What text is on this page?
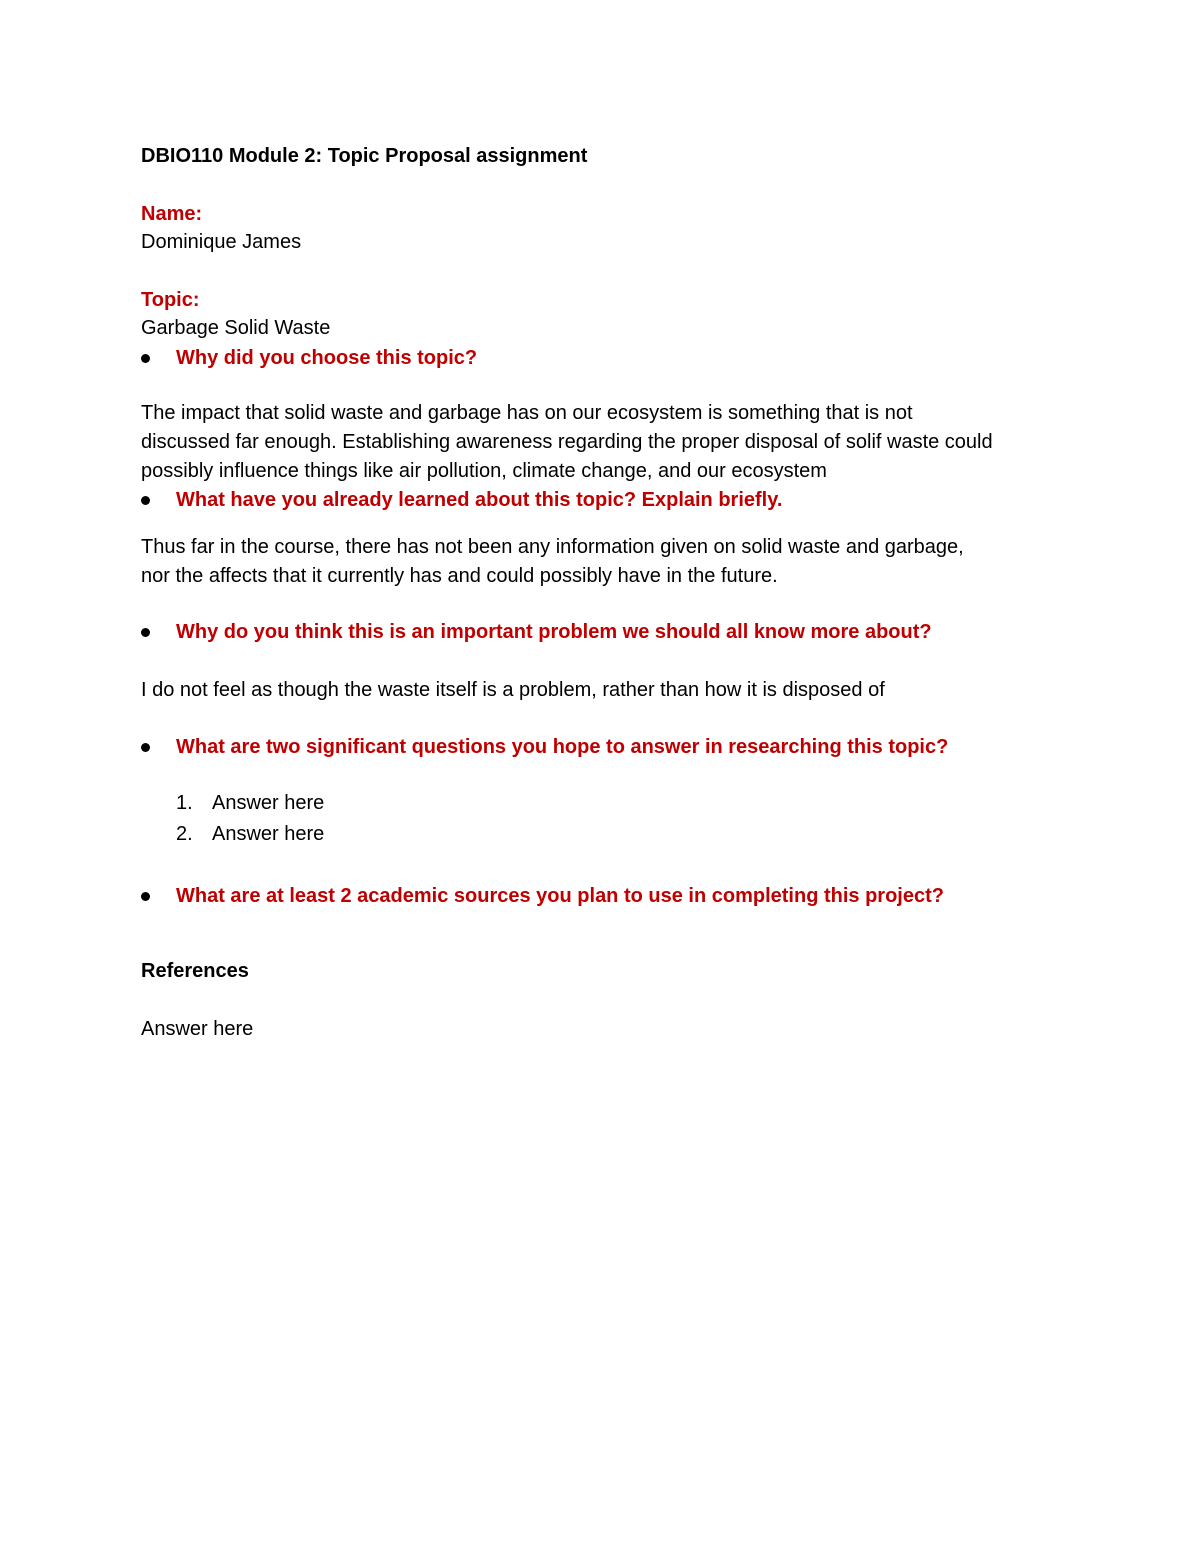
DBIO110 Module 2: Topic Proposal assignment
Name:
Dominique James
Topic:
Garbage Solid Waste
Why did you choose this topic?
The impact that solid waste and garbage has on our ecosystem is something that is not
discussed far enough. Establishing awareness regarding the proper disposal of solif waste could
possibly influence things like air pollution, climate change, and our ecosystem
What have you already learned about this topic? Explain briefly.
Thus far in the course, there has not been any information given on solid waste and garbage,
nor the affects that it currently has and could possibly have in the future.
Why do you think this is an important problem we should all know more about?
I do not feel as though the waste itself is a problem, rather than how it is disposed of
What are two significant questions you hope to answer in researching this topic?
1. Answer here
2. Answer here
What are at least 2 academic sources you plan to use in completing this project?
References
Answer here
